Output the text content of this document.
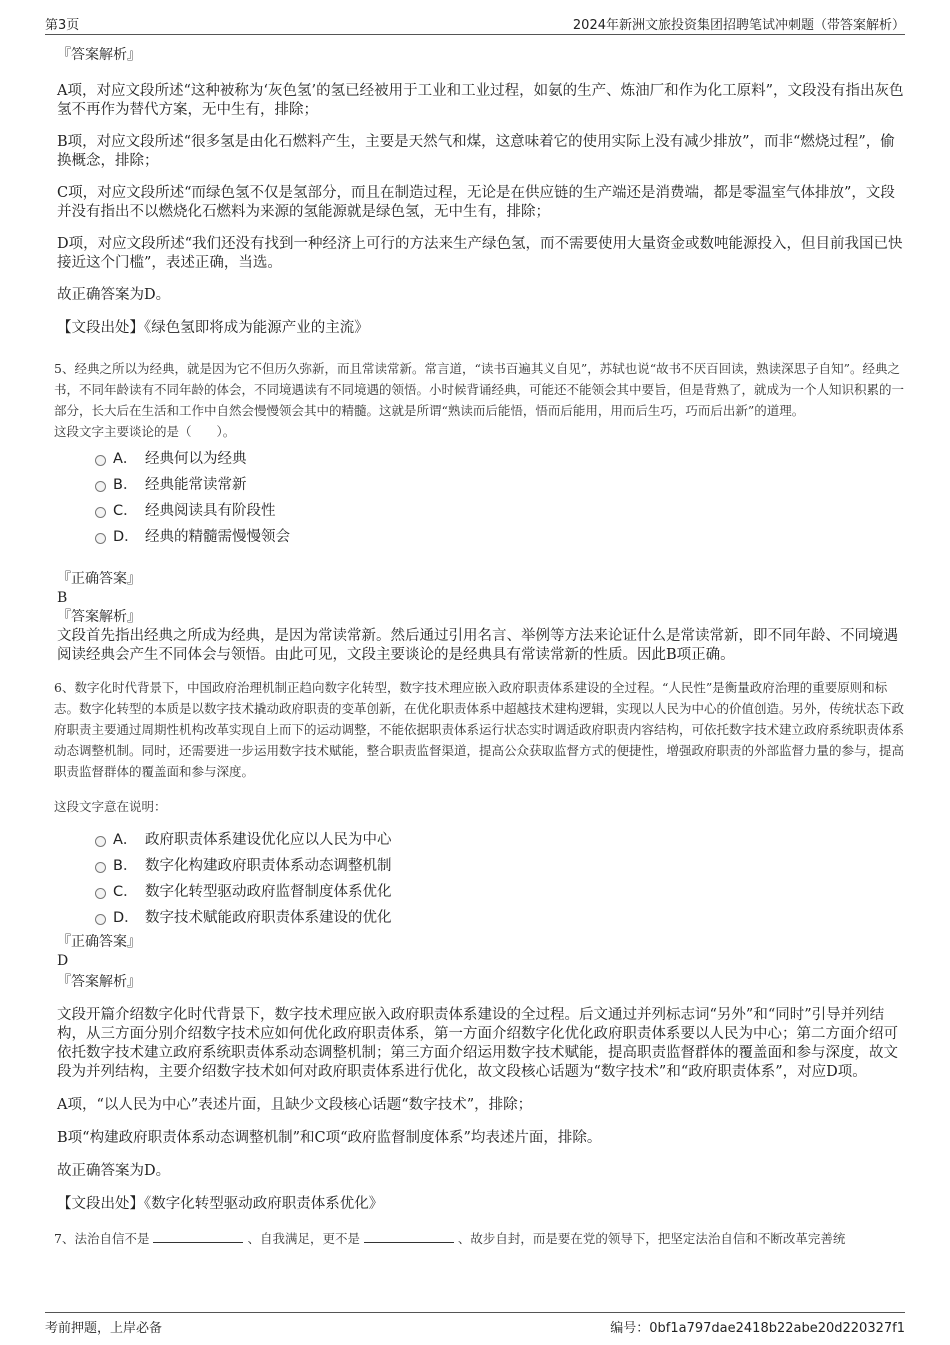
第3页	2024年新洲文旅投资集团招聘笔试冲刺题（带答案解析）
『答案解析』
A项，对应文段所述“这种被称为‘灰色氢’的氢已经被用于工业和工业过程，如氨的生产、炼油厂和作为化工原料”，文段没有指出灰色氢不再作为替代方案，无中生有，排除；
B项，对应文段所述“很多氢是由化石燃料产生，主要是天然气和煤，这意味着它的使用实际上没有减少排放”，而非“燃烧过程”，偷换概念，排除；
C项，对应文段所述“而绿色氢不仅是氢部分，而且在制造过程，无论是在供应链的生产端还是消费端，都是零温室气体排放”，文段并没有指出不以燃烧化石燃料为来源的氢能源就是绿色氢，无中生有，排除；
D项，对应文段所述“我们还没有找到一种经济上可行的方法来生产绿色氢，而不需要使用大量资金或数吨能源投入，但目前我国已快接近这个门槛”，表述正确，当选。
故正确答案为D。
【文段出处】《绿色氢即将成为能源产业的主流》
5、经典之所以为经典，就是因为它不但历久弥新，而且常读常新。常言道，“读书百遍其义自见”，苏轼也说“故书不厌百回读，熟读深思子自知”。经典之书，不同年龄读有不同年龄的体会，不同境遇读有不同境遇的领悟。小时候背诵经典，可能还不能领会其中要旨，但是背熟了，就成为一个人知识积累的一部分，长大后在生活和工作中自然会慢慢领会其中的精髓。这就是所谓“熟读而后能悟，悟而后能用，用而后生巧，巧而后出新”的道理。
这段文字主要谈论的是（　　）。
A． 经典何以为经典
B． 经典能常读常新
C． 经典阅读具有阶段性
D． 经典的精髓需慢慢领会
『正确答案』
B
『答案解析』
文段首先指出经典之所成为经典，是因为常读常新。然后通过引用名言、举例等方法来论证什么是常读常新，即不同年龄、不同境遇阅读经典会产生不同体会与领悟。由此可见，文段主要谈论的是经典具有常读常新的性质。因此B项正确。
6、数字化时代背景下，中国政府治理机制正趋向数字化转型，数字技术理应嵌入政府职责体系建设的全过程。“人民性”是衡量政府治理的重要原则和标志。数字化转型的本质是以数字技术撬动政府职责的变革创新，在优化职责体系中超越技术建构逻辑，实现以人民为中心的价值创造。另外，传统状态下政府职责主要通过周期性机构改革实现自上而下的运动调整，不能依据职责体系运行状态实时调适政府职责内容结构，可依托数字技术建立政府系统职责体系动态调整机制。同时，还需要进一步运用数字技术赋能，整合职责监督渠道，提高公众获取监督方式的便捷性，增强政府职责的外部监督力量的参与，提高职责监督群体的覆盖面和参与深度。
这段文字意在说明：
A． 政府职责体系建设优化应以人民为中心
B． 数字化构建政府职责体系动态调整机制
C． 数字化转型驱动政府监督制度体系优化
D． 数字技术赋能政府职责体系建设的优化
『正确答案』
D
『答案解析』
文段开篇介绍数字化时代背景下，数字技术理应嵌入政府职责体系建设的全过程。后文通过并列标志词“另外”和“同时”引导并列结构，从三方面分别介绍数字技术应如何优化政府职责体系，第一方面介绍数字化优化政府职责体系要以人民为中心；第二方面介绍可依托数字技术建立政府系统职责体系动态调整机制；第三方面介绍运用数字技术赋能，提高职责监督群体的覆盖面和参与深度，故文段为并列结构，主要介绍数字技术如何对政府职责体系进行优化，故文段核心话题为“数字技术”和“政府职责体系”，对应D项。
A项，“以人民为中心”表述片面，且缺少文段核心话题“数字技术”，排除；
B项“构建政府职责体系动态调整机制”和C项“政府监督制度体系”均表述片面，排除。
故正确答案为D。
【文段出处】《数字化转型驱动政府职责体系优化》
7、法治自信不是	、自我满足，更不是	、故步自封，而是要在党的领导下，把坚定法治自信和不断改革完善统
考前押题，上岸必备	编号：0bf1a797dae2418b22abe20d220327f1
